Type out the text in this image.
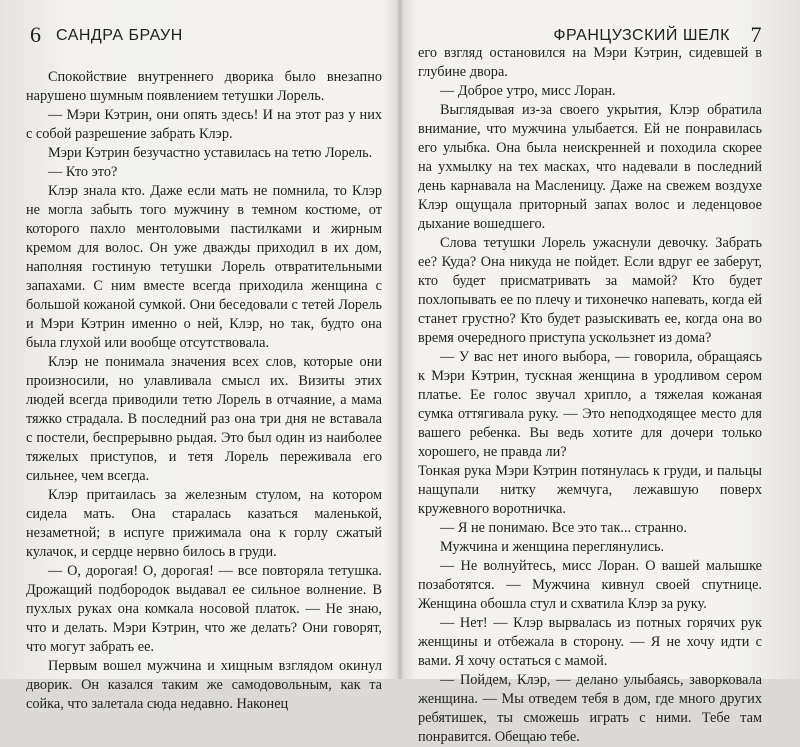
6 САНДРА БРАУН

Спокойствие внутреннего дворика было внезапно нарушено шумным появлением тетушки Лорель.

— Мэри Кэтрин, они опять здесь! И на этот раз у них с собой разрешение забрать Клэр.

Мэри Кэтрин безучастно уставилась на тетю Лорель.

— Кто это?

Клэр знала кто. Даже если мать не помнила, то Клэр не могла забыть того мужчину в темном костюме, от которого пахло ментоловыми пастилками и жирным кремом для волос. Он уже дважды приходил в их дом, наполняя гостиную тетушки Лорель отвратительными запахами. С ним вместе всегда приходила женщина с большой кожаной сумкой. Они беседовали с тетей Лорель и Мэри Кэтрин именно о ней, Клэр, но так, будто она была глухой или вообще отсутствовала.

Клэр не понимала значения всех слов, которые они произносили, но улавливала смысл их. Визиты этих людей всегда приводили тетю Лорель в отчаяние, а мама тяжко страдала. В последний раз она три дня не вставала с постели, беспрерывно рыдая. Это был один из наиболее тяжелых приступов, и тетя Лорель переживала его сильнее, чем всегда.

Клэр притаилась за железным стулом, на котором сидела мать. Она старалась казаться маленькой, незаметной; в испуге прижимала она к горлу сжатый кулачок, и сердце нервно билось в груди.

— О, дорогая! О, дорогая! — все повторяла тетушка. Дрожащий подбородок выдавал ее сильное волнение. В пухлых руках она комкала носовой платок. — Не знаю, что и делать. Мэри Кэтрин, что же делать? Они говорят, что могут забрать ее.

Первым вошел мужчина и хищным взглядом окинул дворик. Он казался таким же самодовольным, как та сойка, что залетала сюда недавно. Наконец

ФРАНЦУЗСКИЙ ШЕЛК 7

его взгляд остановился на Мэри Кэтрин, сидевшей в глубине двора.

— Доброе утро, мисс Лоран.

Выглядывая из-за своего укрытия, Клэр обратила внимание, что мужчина улыбается. Ей не понравилась его улыбка. Она была неискренней и походила скорее на ухмылку на тех масках, что надевали в последний день карнавала на Масленицу. Даже на свежем воздухе Клэр ощущала приторный запах волос и леденцовое дыхание вошедшего.

Слова тетушки Лорель ужаснули девочку. Забрать ее? Куда? Она никуда не пойдет. Если вдруг ее заберут, кто будет присматривать за мамой? Кто будет похлопывать ее по плечу и тихонечко напевать, когда ей станет грустно? Кто будет разыскивать ее, когда она во время очередного приступа ускользнет из дома?

— У вас нет иного выбора, — говорила, обращаясь к Мэри Кэтрин, тускная женщина в уродливом сером платье. Ее голос звучал хрипло, а тяжелая кожаная сумка оттягивала руку. — Это неподходящее место для вашего ребенка. Вы ведь хотите для дочери только хорошего, не правда ли?

Тонкая рука Мэри Кэтрин потянулась к груди, и пальцы нащупали нитку жемчуга, лежавшую поверх кружевного воротничка.

— Я не понимаю. Все это так... странно.

Мужчина и женщина переглянулись.

— Не волнуйтесь, мисс Лоран. О вашей малышке позаботятся. — Мужчина кивнул своей спутнице. Женщина обошла стул и схватила Клэр за руку.

— Нет! — Клэр вырвалась из потных горячих рук женщины и отбежала в сторону. — Я не хочу идти с вами. Я хочу остаться с мамой.

— Пойдем, Клэр, — делано улыбаясь, заворковала женщина. — Мы отведем тебя в дом, где много других ребятишек, ты сможешь играть с ними. Тебе там понравится. Обещаю тебе.
